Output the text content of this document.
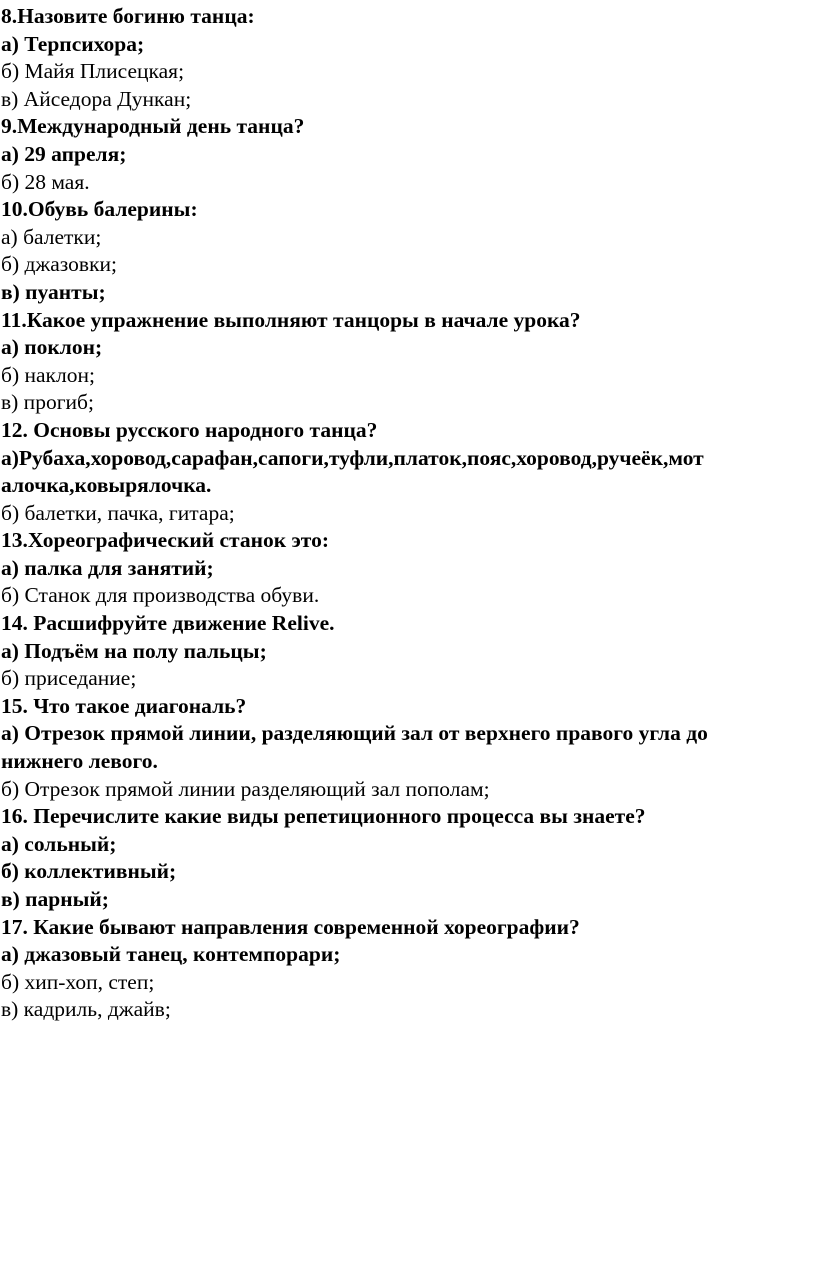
8.Назовите богиню танца:

а) Терпсихора;

б) Майя Плисецкая;

в) Айседора Дункан;

9.Международный день танца?

а) 29 апреля;

б) 28 мая.

10.Обувь балерины:

а) балетки;

б) джазовки;

в) пуанты;

11.Какое упражнение выполняют танцоры в начале урока?

а) поклон;

б) наклон;

в) прогиб;

12. Основы русского народного танца?

а)Рубаха,хоровод,сарафан,сапоги,туфли,платок,пояс,хоровод,ручеёк,мот

алочка,ковырялочка.

б) балетки, пачка, гитара;

13.Хореографический станок это:

а) палка для занятий;

б) Станок для производства обуви.

14. Расшифруйте движение Relive.

а) Подъём на полу пальцы;

б) приседание;

15. Что такое диагональ?

а) Отрезок прямой линии, разделяющий зал от верхнего правого угла до

нижнего левого.

б) Отрезок прямой линии разделяющий зал пополам;

16. Перечислите какие виды репетиционного процесса вы знаете?

а) сольный;

б) коллективный;

в) парный;

17. Какие бывают направления современной хореографии?

а) джазовый танец, контемпорари;

б) хип-хоп, степ;

в) кадриль, джайв;
